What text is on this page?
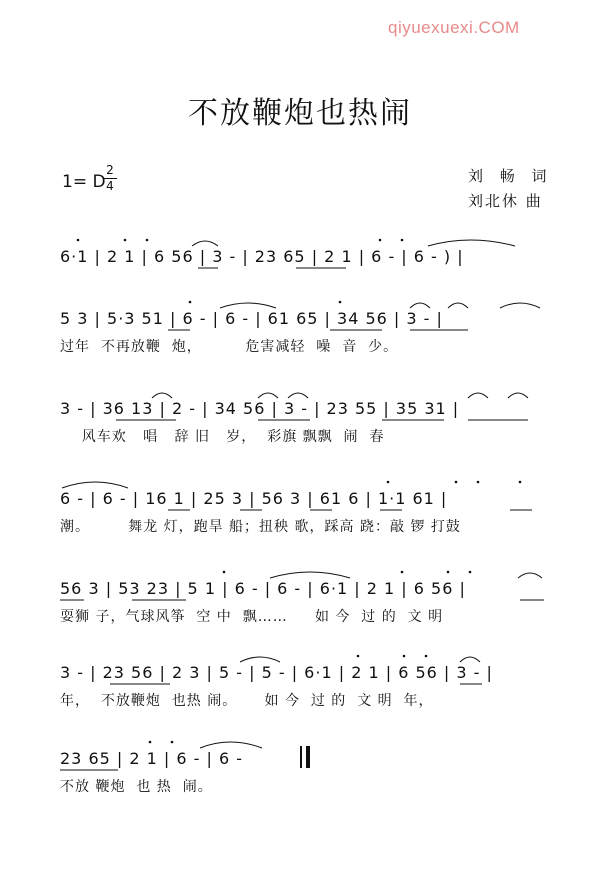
qiyuexuexi.COM
不放鞭炮也热闹
1= D
2
4
刘 畅 词
刘北休 曲
6·1 | 2 1 | 6 56 | 3 - | 23 65 | 2 1 | 6 - | 6 - ) |
5 3 | 5·3 51 | 6 - | 6 - | 61 65 | 34 56 | 3 - |
过年  不再放鞭  炮，        危害减轻  噪  音  少。
3 - | 36 13 | 2 - | 34 56 | 3 - | 23 55 | 35 31 |
风车欢   唱   辞 旧   岁，  彩旗 飘飘  闹  春
6 - | 6 - | 16 1 | 25 3 | 56 3 | 61 6 | 1·1 61 |
潮。       舞龙 灯，跑旱 船；扭秧 歌，踩高 跷：敲 锣 打鼓
56 3 | 53 23 | 5 1 | 6 - | 6 - | 6·1 | 2 1 | 6 56 |
耍狮 子，气球风筝  空 中  飘……     如 今  过 的  文 明
3 - | 23 56 | 2 3 | 5 - | 5 - | 6·1 | 2 1 | 6 56 | 3 - |
年，  不放鞭炮  也热 闹。     如 今  过 的  文 明  年，
23 65 | 2 1 | 6 - | 6 -
不放 鞭炮  也 热  闹。
